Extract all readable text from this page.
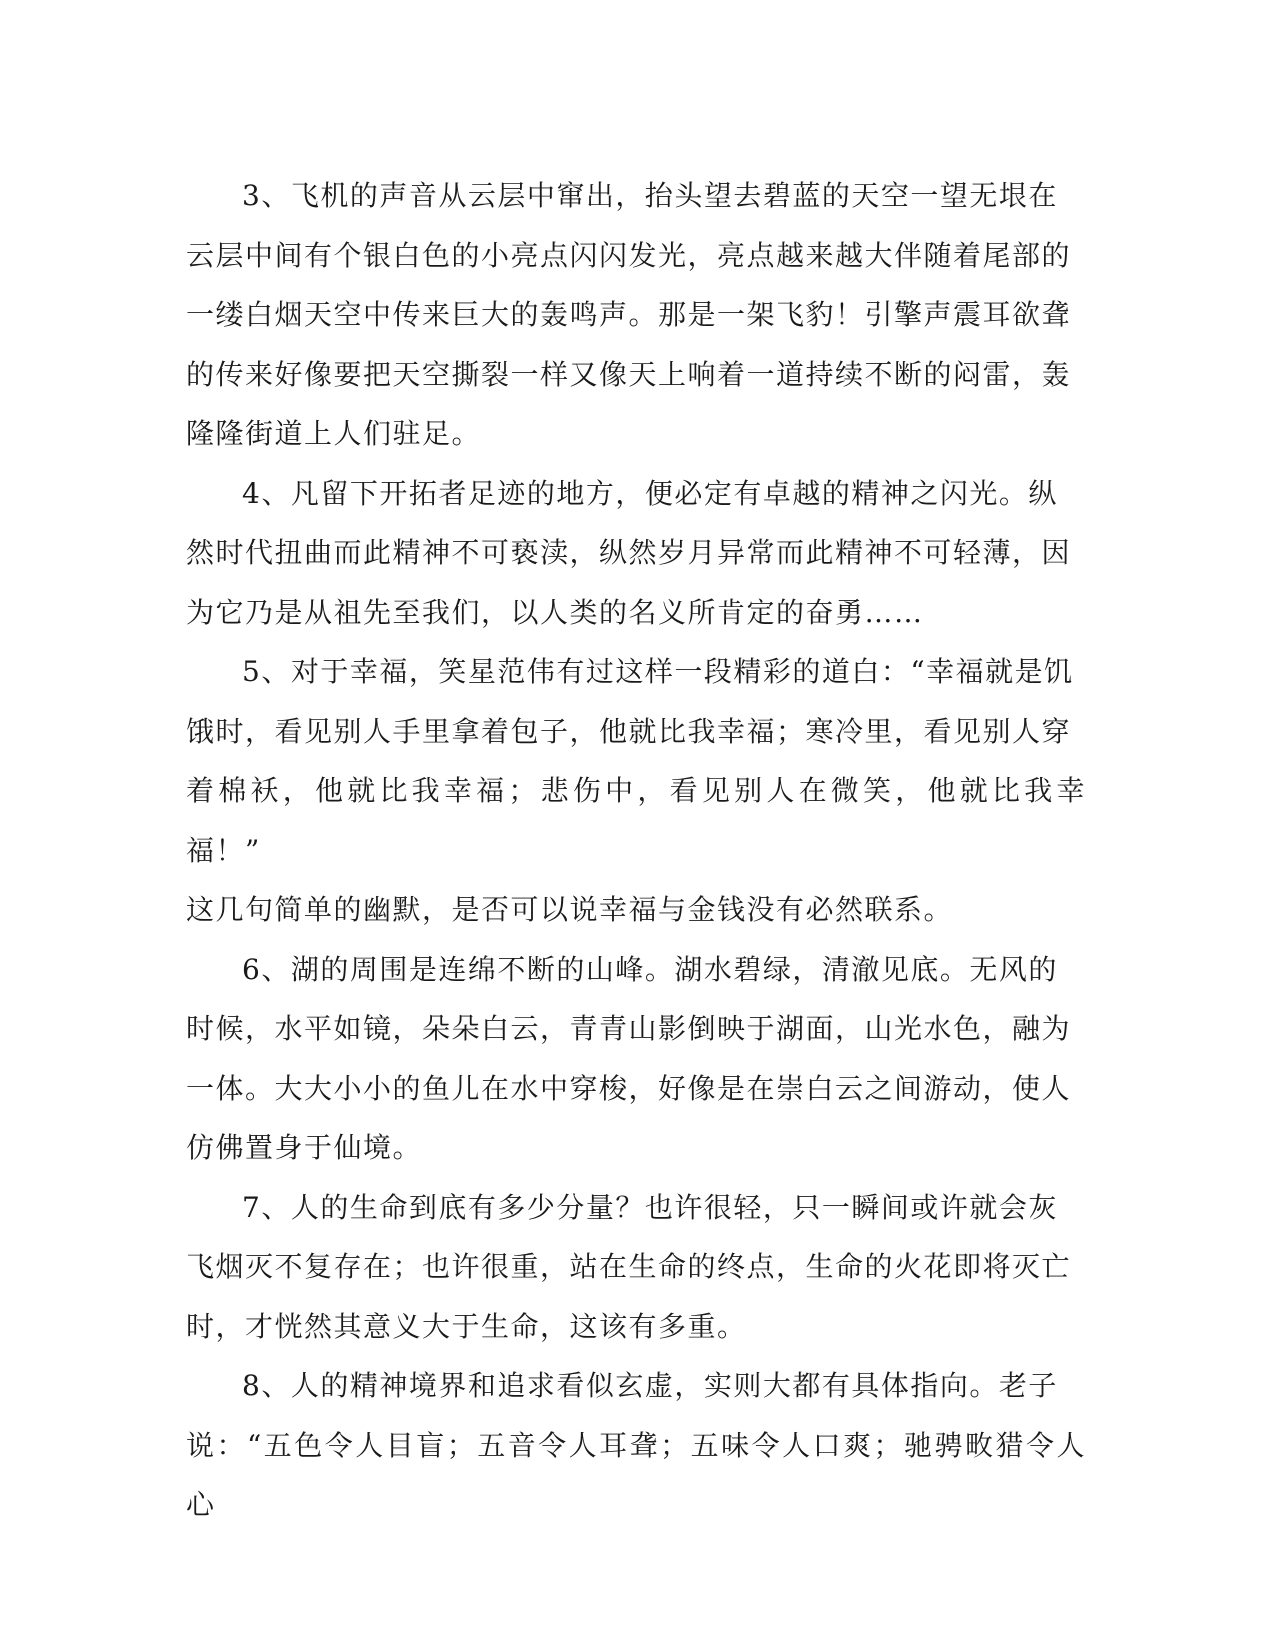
3、飞机的声音从云层中窜出，抬头望去碧蓝的天空一望无垠在
云层中间有个银白色的小亮点闪闪发光，亮点越来越大伴随着尾部的
一缕白烟天空中传来巨大的轰鸣声。那是一架飞豹！引擎声震耳欲聋
的传来好像要把天空撕裂一样又像天上响着一道持续不断的闷雷，轰
隆隆街道上人们驻足。

4、凡留下开拓者足迹的地方，便必定有卓越的精神之闪光。纵
然时代扭曲而此精神不可亵渎，纵然岁月异常而此精神不可轻薄，因
为它乃是从祖先至我们，以人类的名义所肯定的奋勇……

5、对于幸福，笑星范伟有过这样一段精彩的道白：“幸福就是饥
饿时，看见别人手里拿着包子，他就比我幸福；寒冷里，看见别人穿
着棉袄，他就比我幸福；悲伤中，看见别人在微笑，他就比我幸福！”
这几句简单的幽默，是否可以说幸福与金钱没有必然联系。

6、湖的周围是连绵不断的山峰。湖水碧绿，清澈见底。无风的
时候，水平如镜，朵朵白云，青青山影倒映于湖面，山光水色，融为
一体。大大小小的鱼儿在水中穿梭，好像是在崇白云之间游动，使人
仿佛置身于仙境。

7、人的生命到底有多少分量？也许很轻，只一瞬间或许就会灰
飞烟灭不复存在；也许很重，站在生命的终点，生命的火花即将灭亡
时，才恍然其意义大于生命，这该有多重。

8、人的精神境界和追求看似玄虚，实则大都有具体指向。老子
说：“五色令人目盲；五音令人耳聋；五味令人口爽；驰骋畋猎令人心
